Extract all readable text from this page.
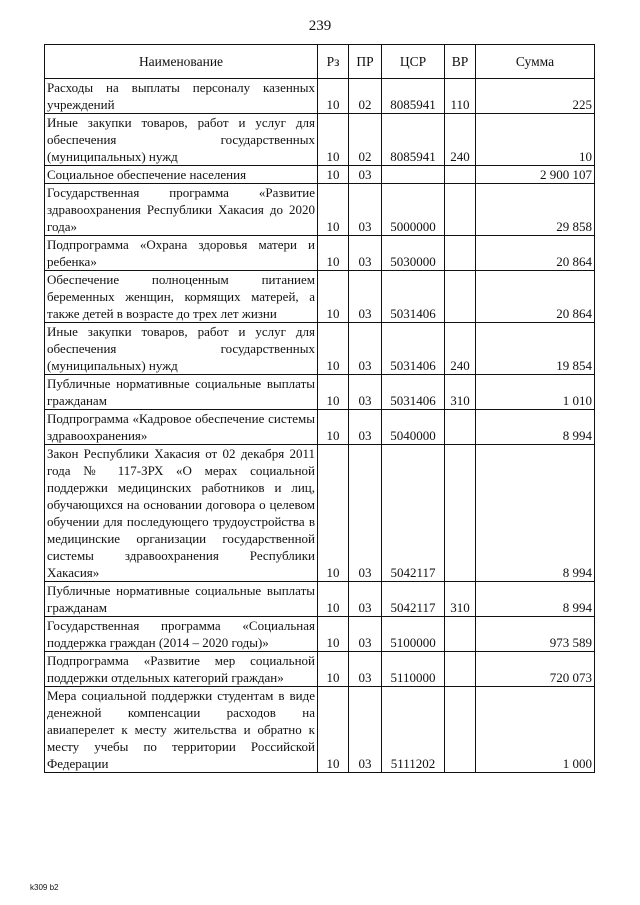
239
Наименование	Рз	ПР	ЦСР	ВР	Сумма
Расходы на выплаты персоналу казенных учреждений	10	02	8085941	110	225
Иные закупки товаров, работ и услуг для обеспечения государственных (муниципальных) нужд	10	02	8085941	240	10
Социальное обеспечение населения	10	03			2 900 107
Государственная программа «Развитие здравоохранения Республики Хакасия до 2020 года»	10	03	5000000		29 858
Подпрограмма «Охрана здоровья матери и ребенка»	10	03	5030000		20 864
Обеспечение полноценным питанием беременных женщин, кормящих матерей, а также детей в возрасте до трех лет жизни	10	03	5031406		20 864
Иные закупки товаров, работ и услуг для обеспечения государственных (муниципальных) нужд	10	03	5031406	240	19 854
Публичные нормативные социальные выплаты гражданам	10	03	5031406	310	1 010
Подпрограмма «Кадровое обеспечение системы здравоохранения»	10	03	5040000		8 994
Закон Республики Хакасия от 02 декабря 2011 года № 117-ЗРХ «О мерах социальной поддержки медицинских работников и лиц, обучающихся на основании договора о целевом обучении для последующего трудоустройства в медицинские организации государственной системы здравоохранения Республики Хакасия»	10	03	5042117		8 994
Публичные нормативные социальные выплаты гражданам	10	03	5042117	310	8 994
Государственная программа «Социальная поддержка граждан (2014 – 2020 годы)»	10	03	5100000		973 589
Подпрограмма «Развитие мер социальной поддержки отдельных категорий граждан»	10	03	5110000		720 073
Мера социальной поддержки студентам в виде денежной компенсации расходов на авиаперелет к месту жительства и обратно к месту учебы по территории Российской Федерации	10	03	5111202		1 000
k309 b2
